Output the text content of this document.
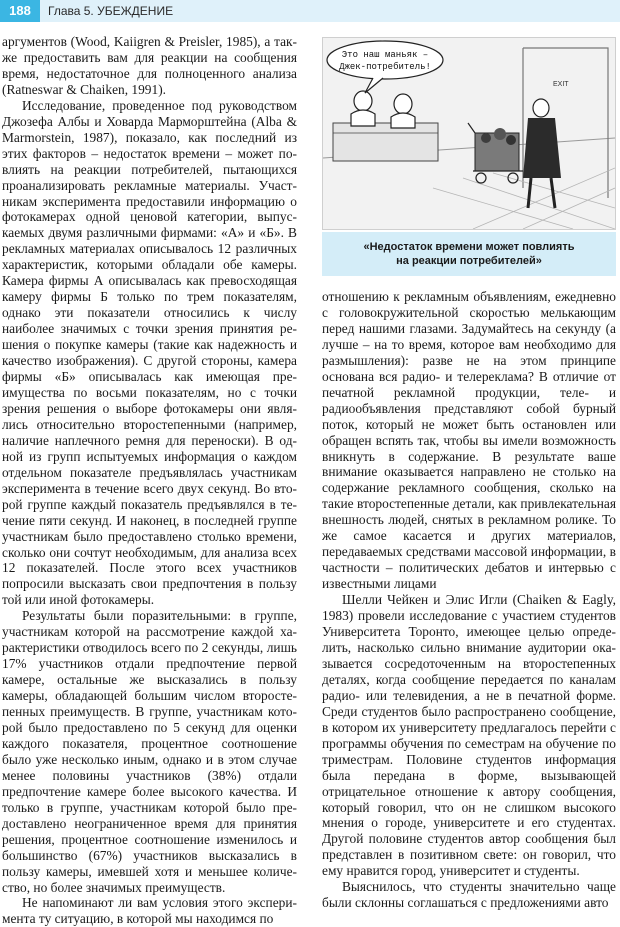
188	Глава 5. УБЕЖДЕНИЕ

аргументов (Wood, Kaiigren & Preisler, 1985), а также предоставить вам для реакции на сообщения время, недостаточное для полноценного анализа (Ratneswar & Chaiken, 1991).

Исследование, проведенное под руководством Джозефа Албы и Ховарда Марморштейна (Alba & Marmorstein, 1987), показало, как последний из этих факторов – недостаток времени – может повлиять на реакции потребителей, пытающихся проанализировать рекламные материалы. Участникам эксперимента предоставили информацию о фотокамерах одной ценовой категории, выпускаемых двумя различными фирмами: «А» и «Б». В рекламных материалах описывалось 12 различных характеристик, которыми обладали обе камеры. Камера фирмы А описывалась как превосходящая камеру фирмы Б только по трем показателям, однако эти показатели относились к числу наиболее значимых с точки зрения принятия решения о покупке камеры (такие как надежность и качество изображения). С другой стороны, камера фирмы «Б» описывалась как имеющая преимущества по восьми показателям, но с точки зрения решения о выборе фотокамеры они являлись относительно второстепенными (например, наличие наплечного ремня для переноски). В одной из групп испытуемых информация о каждом отдельном показателе предъявлялась участникам эксперимента в течение всего двух секунд. Во второй группе каждый показатель предъявлялся в течение пяти секунд. И наконец, в последней группе участникам было предоставлено столько времени, сколько они сочтут необходимым, для анализа всех 12 показателей. После этого всех участников попросили высказать свои предпочтения в пользу той или иной фотокамеры.

Результаты были поразительными: в группе, участникам которой на рассмотрение каждой характеристики отводилось всего по 2 секунды, лишь 17% участников отдали предпочтение первой камере, остальные же высказались в пользу камеры, обладающей большим числом второстепенных преимуществ. В группе, участникам которой было предоставлено по 5 секунд для оценки каждого показателя, процентное соотношение было уже несколько иным, однако и в этом случае менее половины участников (38%) отдали предпочтение камере более высокого качества. И только в группе, участникам которой было предоставлено неограниченное время для принятия решения, процентное соотношение изменилось и большинство (67%) участников высказались в пользу камеры, имевшей хотя и меньшее количество, но более значимых преимуществ.

Не напоминают ли вам условия этого эксперимента ту ситуацию, в которой мы находимся по

Это наш маньяк –
Джек-потребитель!
EXIT
«Недостаток времени может повлиять
на реакции потребителей»

отношению к рекламным объявлениям, ежедневно с головокружительной скоростью мелькающим перед нашими глазами. Задумайтесь на секунду (а лучше – на то время, которое вам необходимо для размышления): разве не на этом принципе основана вся радио- и телереклама? В отличие от печатной рекламной продукции, теле- и радиообъявления представляют собой бурный поток, который не может быть остановлен или обращен вспять так, чтобы вы имели возможность вникнуть в содержание. В результате ваше внимание оказывается направлено не столько на содержание рекламного сообщения, сколько на такие второстепенные детали, как привлекательная внешность людей, снятых в рекламном ролике. То же самое касается и других материалов, передаваемых средствами массовой информации, в частности – политических дебатов и интервью с известными лицами

Шелли Чейкен и Элис Игли (Chaiken & Eagly, 1983) провели исследование с участием студентов Университета Торонто, имеющее целью определить, насколько сильно внимание аудитории оказывается сосредоточенным на второстепенных деталях, когда сообщение передается по каналам радио- или телевидения, а не в печатной форме. Среди студентов было распространено сообщение, в котором их университету предлагалось перейти с программы обучения по семестрам на обучение по триместрам. Половине студентов информация была передана в форме, вызывающей отрицательное отношение к автору сообщения, который говорил, что он не слишком высокого мнения о городе, университете и его студентах. Другой половине студентов автор сообщения был представлен в позитивном свете: он говорил, что ему нравится город, университет и студенты.

Выяснилось, что студенты значительно чаще были склонны соглашаться с предложениями авто
